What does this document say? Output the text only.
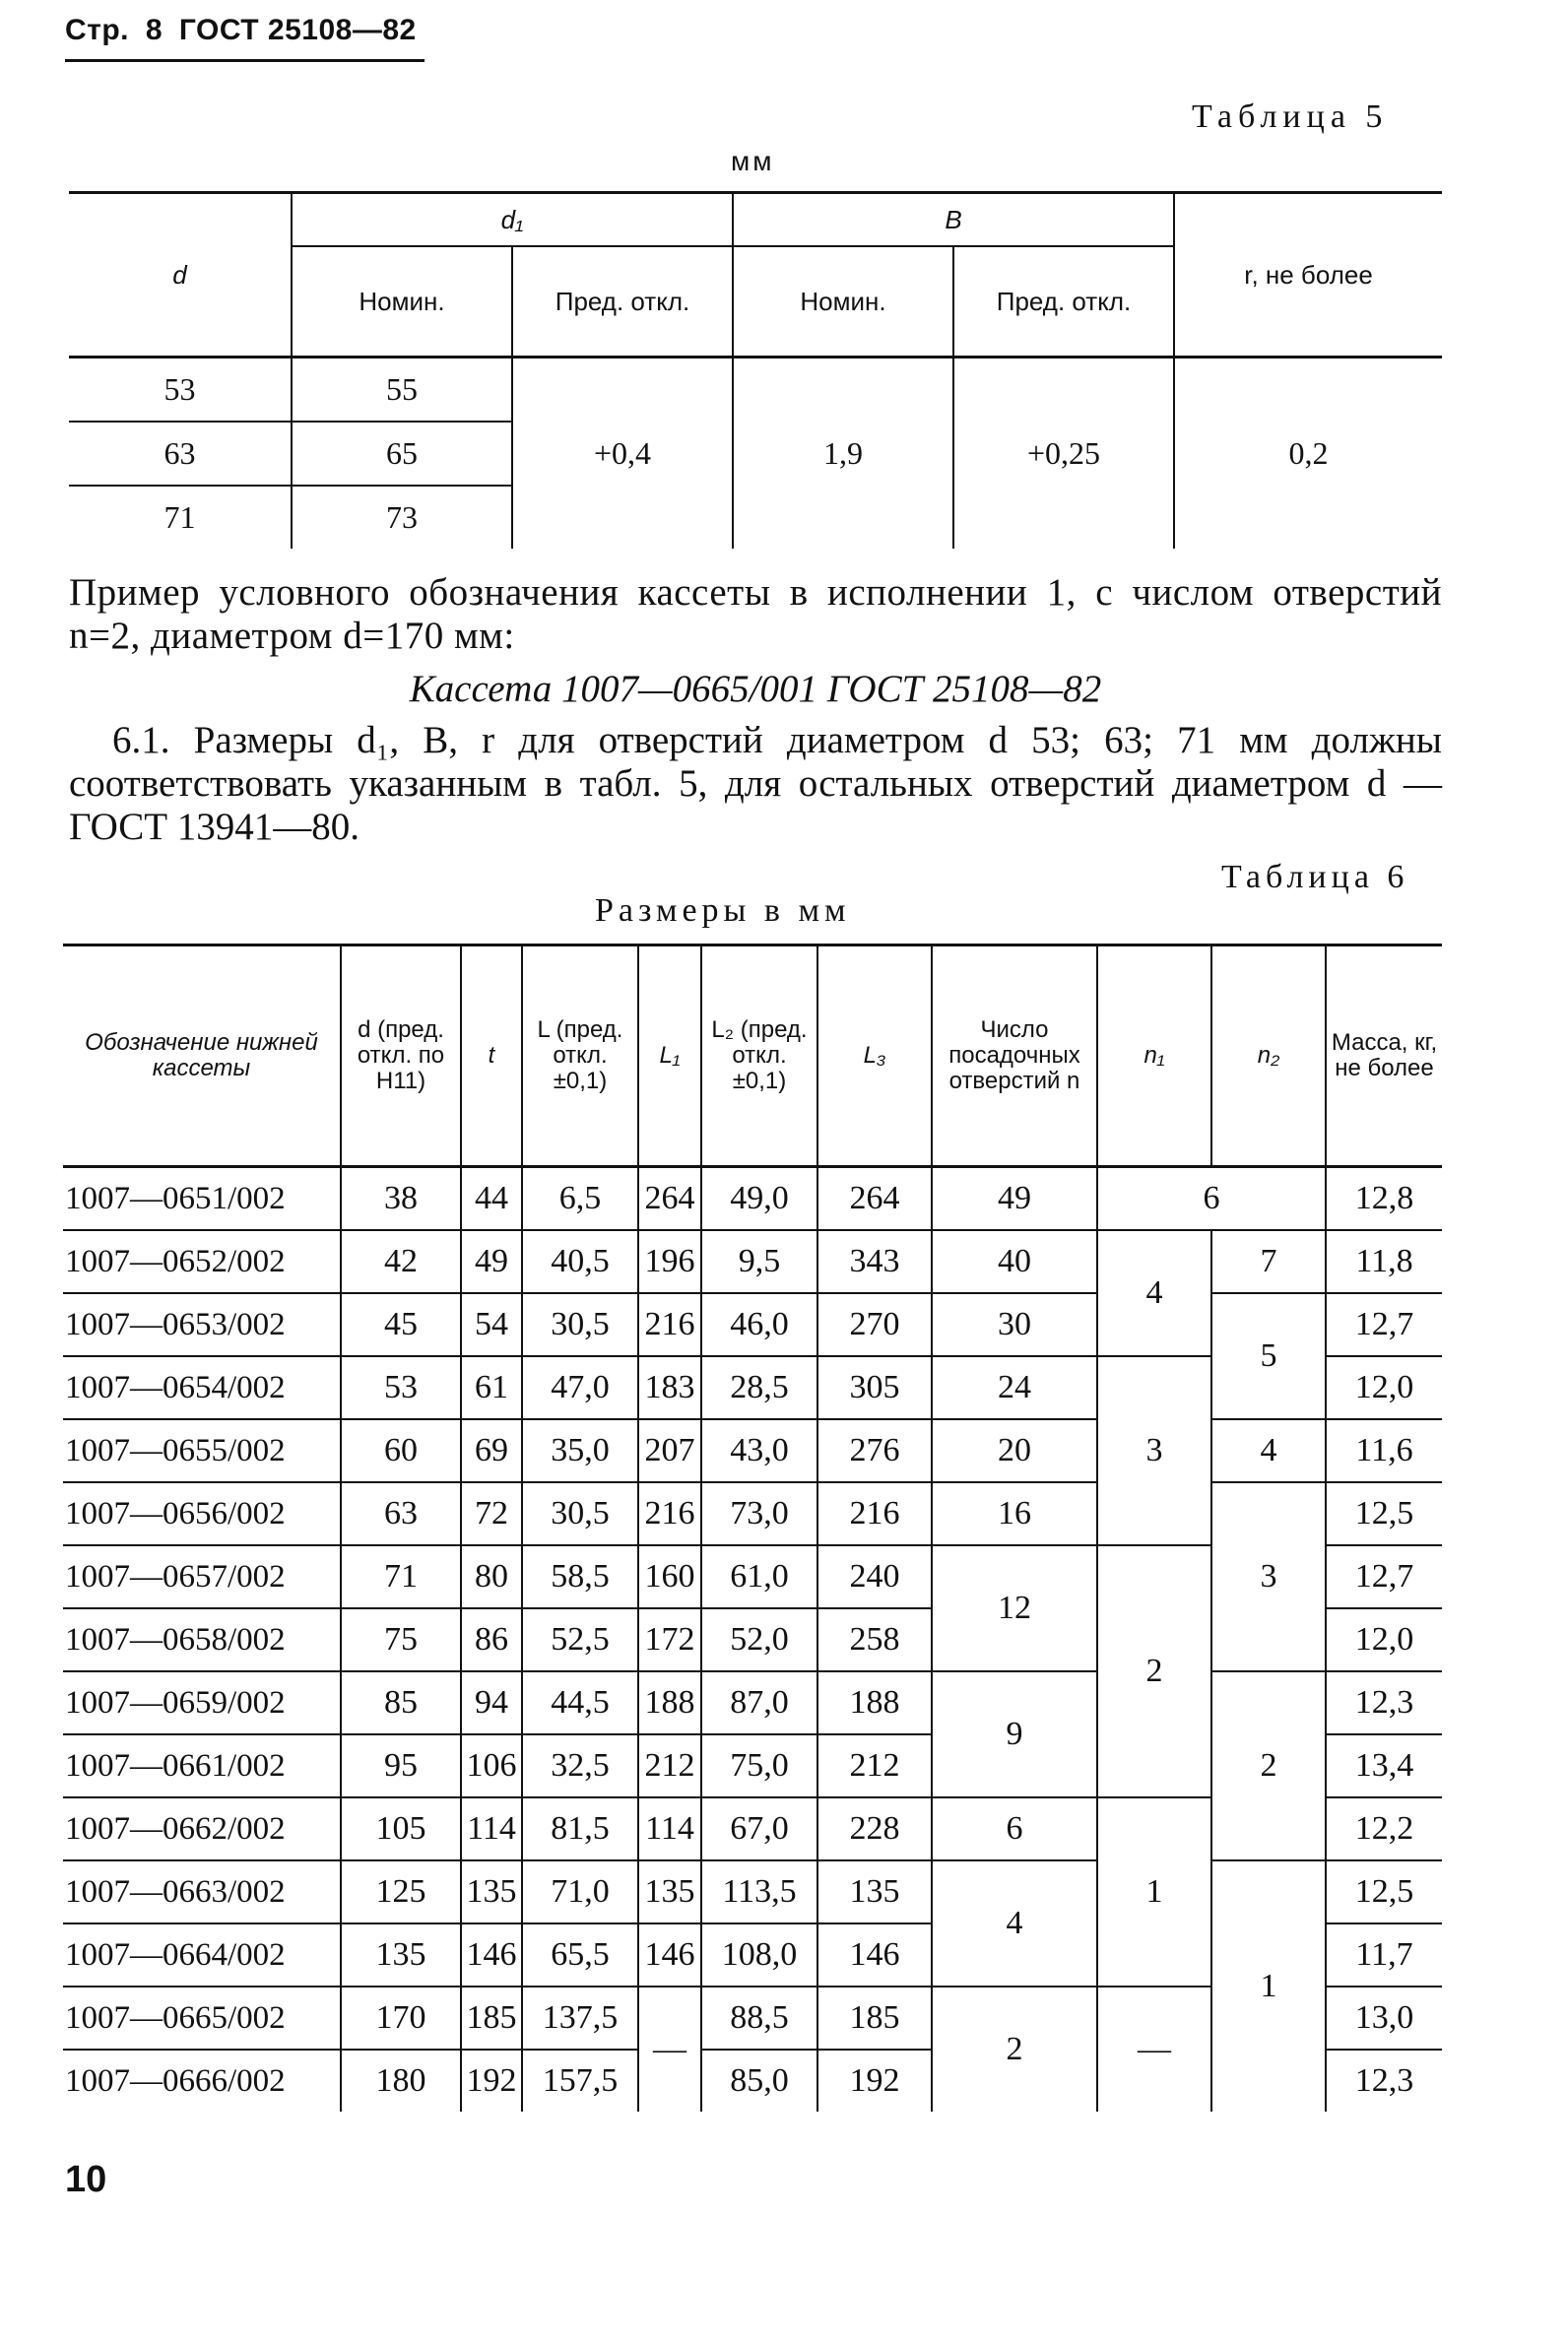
Стр. 8 ГОСТ 25108—82
Таблица 5
мм
d	d₁		B		r, не более
	Номин.	Пред. откл.	Номин.	Пред. откл.	
53	55	+0,4	1,9	+0,25	0,2
63	65				
71	73				
Пример условного обозначения кассеты в исполнении 1, с числом отверстий n=2, диаметром d=170 мм:
Кассета 1007—0665/001 ГОСТ 25108—82
6.1. Размеры d₁, B, r для отверстий диаметром d 53; 63; 71 мм должны соответствовать указанным в табл. 5, для остальных отверстий диаметром d — ГОСТ 13941—80.
Таблица 6
Размеры в мм
Обозначение нижней кассеты	d (пред. откл. по H11)	t	L (пред. откл. ±0,1)	L₁	L₂ (пред. откл. ±0,1)	L₃	Число посадочных отверстий n	n₁	n₂	Масса, кг, не более
1007—0651/002	38	44	6,5	264	49,0	264	49	6		12,8
1007—0652/002	42	49	40,5	196	9,5	343	40	4	7	11,8
1007—0653/002	45	54	30,5	216	46,0	270	30		5	12,7
1007—0654/002	53	61	47,0	183	28,5	305	24	3		12,0
1007—0655/002	60	69	35,0	207	43,0	276	20		4	11,6
1007—0656/002	63	72	30,5	216	73,0	216	16		3	12,5
1007—0657/002	71	80	58,5	160	61,0	240	12	2		12,7
1007—0658/002	75	86	52,5	172	52,0	258				12,0
1007—0659/002	85	94	44,5	188	87,0	188	9		2	12,3
1007—0661/002	95	106	32,5	212	75,0	212				13,4
1007—0662/002	105	114	81,5	114	67,0	228	6	1		12,2
1007—0663/002	125	135	71,0	135	113,5	135	4		1	12,5
1007—0664/002	135	146	65,5	146	108,0	146				11,7
1007—0665/002	170	185	137,5	—	88,5	185	2	—		13,0
1007—0666/002	180	192	157,5		85,0	192				12,3
10
